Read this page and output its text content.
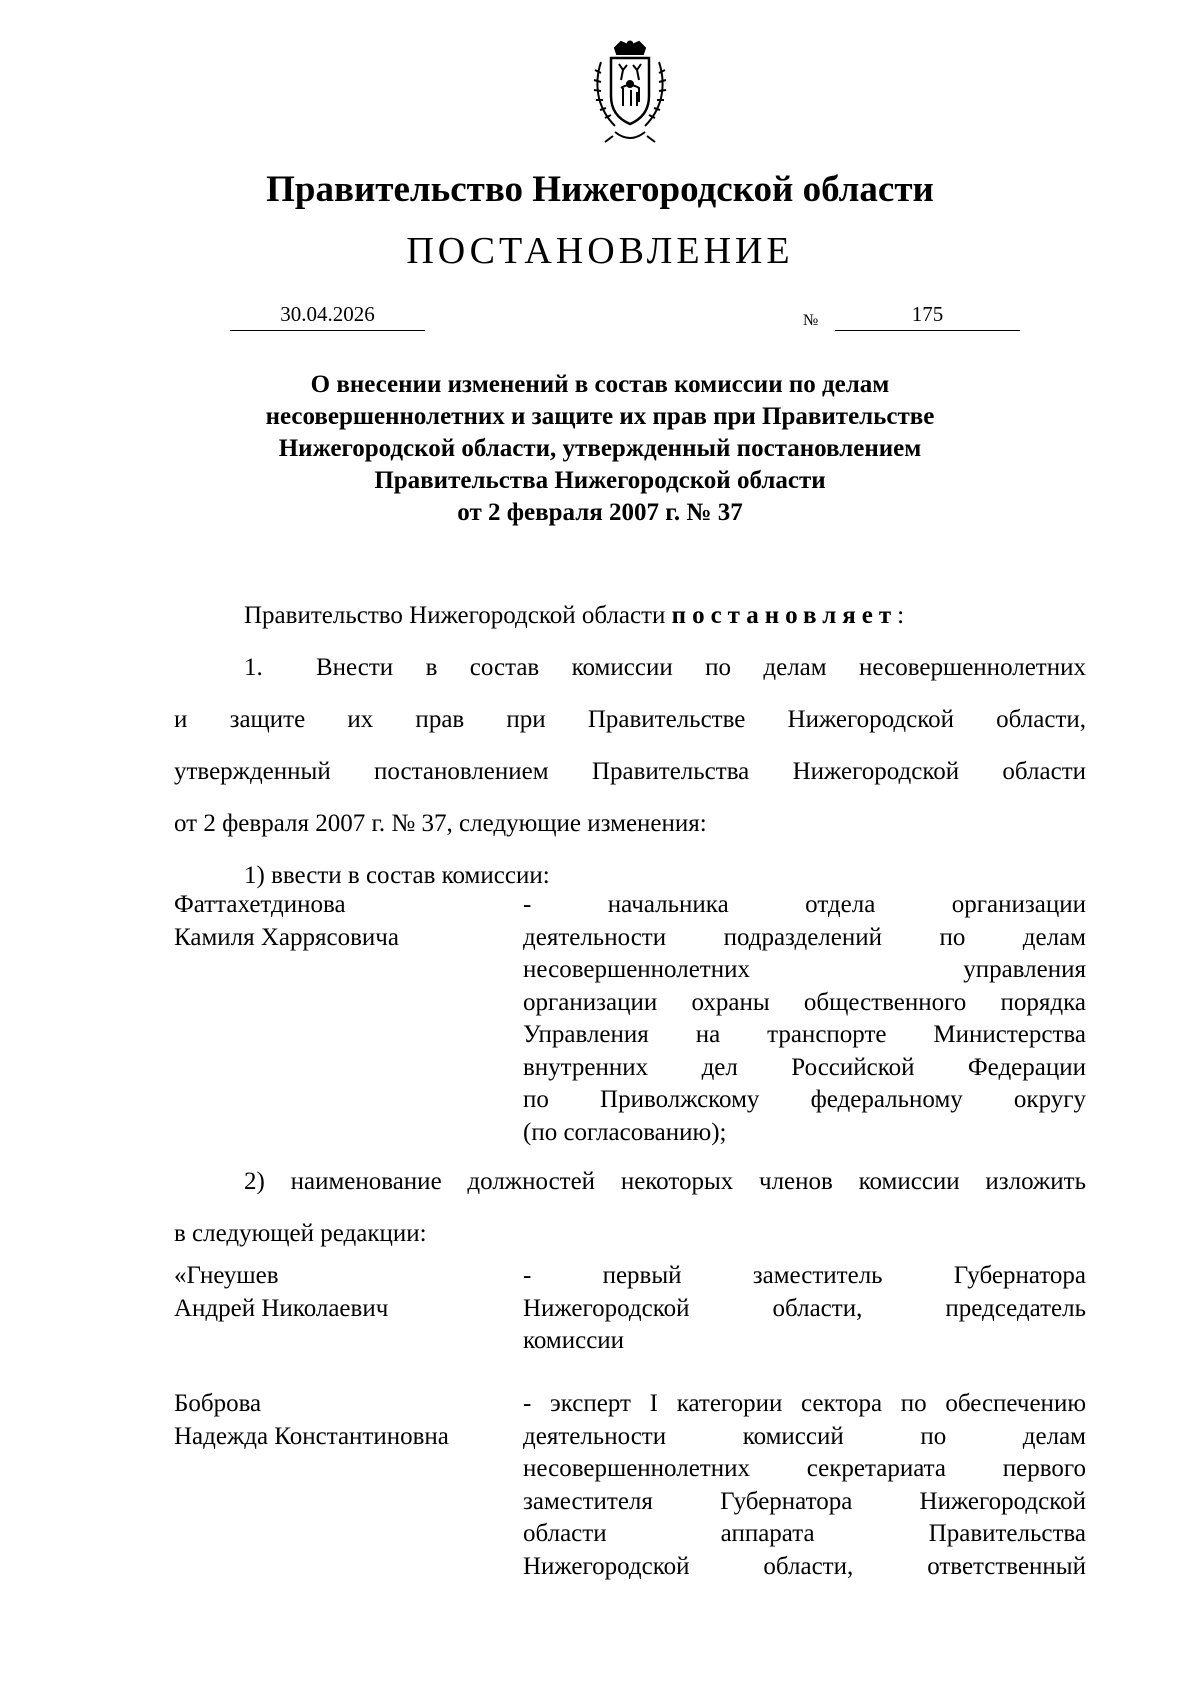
Правительство Нижегородской области
ПОСТАНОВЛЕНИЕ
30.04.2026	№	175
О внесении изменений в состав комиссии по делам
несовершеннолетних и защите их прав при Правительстве
Нижегородской области, утвержденный постановлением
Правительства Нижегородской области
от 2 февраля 2007 г. № 37
Правительство Нижегородской области постановляет:
1. Внести в состав комиссии по делам несовершеннолетних
и защите их прав при Правительстве Нижегородской области,
утвержденный постановлением Правительства Нижегородской области
от 2 февраля 2007 г. № 37, следующие изменения:
1) ввести в состав комиссии:
Фаттахетдинова
Камиля Харрясовича
- начальника отдела организации
деятельности подразделений по делам
несовершеннолетних управления
организации охраны общественного порядка
Управления на транспорте Министерства
внутренних дел Российской Федерации
по Приволжскому федеральному округу
(по согласованию);
2) наименование должностей некоторых членов комиссии изложить
в следующей редакции:
«Гнеушев
Андрей Николаевич
- первый заместитель Губернатора
Нижегородской области, председатель
комиссии
Боброва
Надежда Константиновна
- эксперт I категории сектора по обеспечению
деятельности комиссий по делам
несовершеннолетних секретариата первого
заместителя Губернатора Нижегородской
области аппарата Правительства
Нижегородской области, ответственный
